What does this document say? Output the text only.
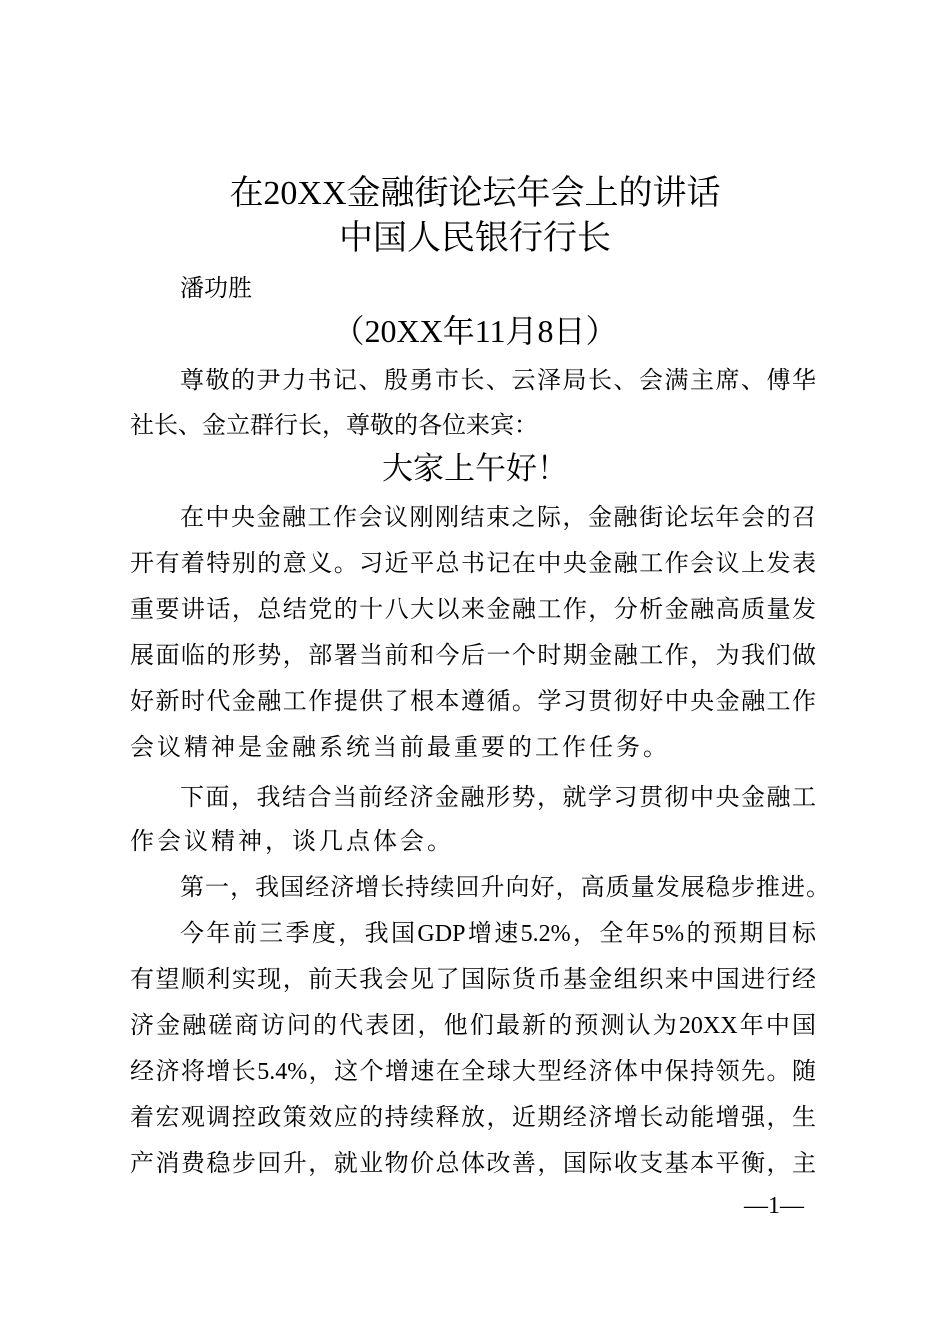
在20XX金融街论坛年会上的讲话
中国人民银行行长
潘功胜
（20XX年11月8日）
尊敬的尹力书记、殷勇市长、云泽局长、会满主席、傅华
社长、金立群行长，尊敬的各位来宾：
大家上午好！
在中央金融工作会议刚刚结束之际，金融街论坛年会的召
开有着特别的意义。习近平总书记在中央金融工作会议上发表
重要讲话，总结党的十八大以来金融工作，分析金融高质量发
展面临的形势，部署当前和今后一个时期金融工作，为我们做
好新时代金融工作提供了根本遵循。学习贯彻好中央金融工作
会议精神是金融系统当前最重要的工作任务。
下面，我结合当前经济金融形势，就学习贯彻中央金融工
作会议精神，谈几点体会。
第一，我国经济增长持续回升向好，高质量发展稳步推进。
今年前三季度，我国GDP增速5.2%，全年5%的预期目标
有望顺利实现，前天我会见了国际货币基金组织来中国进行经
济金融磋商访问的代表团，他们最新的预测认为20XX年中国
经济将增长5.4%，这个增速在全球大型经济体中保持领先。随
着宏观调控政策效应的持续释放，近期经济增长动能增强，生
产消费稳步回升，就业物价总体改善，国际收支基本平衡，主
—1—
